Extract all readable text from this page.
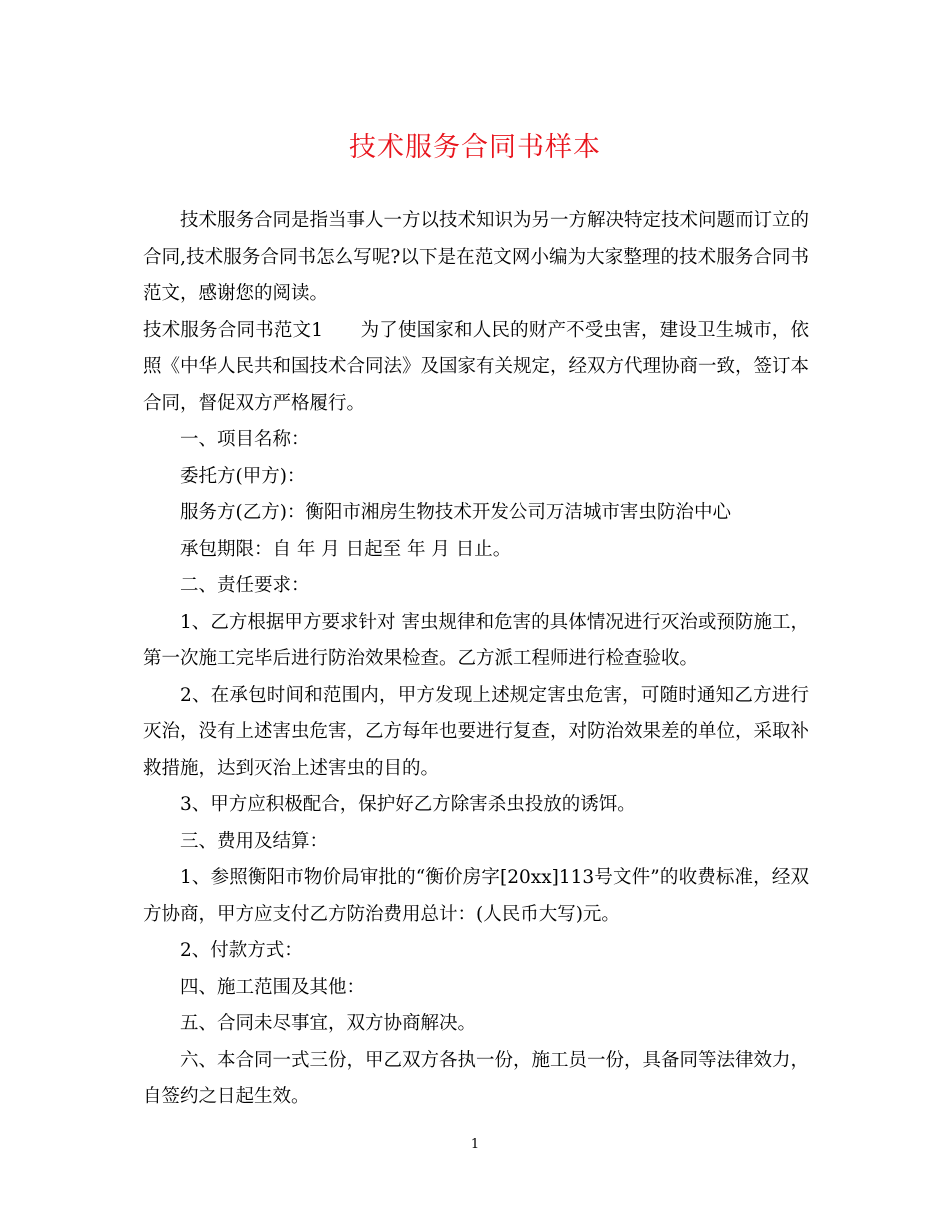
技术服务合同书样本

技术服务合同是指当事人一方以技术知识为另一方解决特定技术问题而订立的合同,技术服务合同书怎么写呢?以下是在范文网小编为大家整理的技术服务合同书范文，感谢您的阅读。

技术服务合同书范文1　　为了使国家和人民的财产不受虫害，建设卫生城市，依照《中华人民共和国技术合同法》及国家有关规定，经双方代理协商一致，签订本合同，督促双方严格履行。

一、项目名称：

委托方(甲方)：

服务方(乙方)：衡阳市湘房生物技术开发公司万洁城市害虫防治中心

承包期限：自 年 月 日起至 年 月 日止。

二、责任要求：

1、乙方根据甲方要求针对 害虫规律和危害的具体情况进行灭治或预防施工，第一次施工完毕后进行防治效果检查。乙方派工程师进行检查验收。

2、在承包时间和范围内，甲方发现上述规定害虫危害，可随时通知乙方进行灭治，没有上述害虫危害，乙方每年也要进行复查，对防治效果差的单位，采取补救措施，达到灭治上述害虫的目的。

3、甲方应积极配合，保护好乙方除害杀虫投放的诱饵。

三、费用及结算：

1、参照衡阳市物价局审批的“衡价房字[20xx]113号文件”的收费标准，经双方协商，甲方应支付乙方防治费用总计：(人民币大写)元。

2、付款方式：

四、施工范围及其他：

五、合同未尽事宜，双方协商解决。

六、本合同一式三份，甲乙双方各执一份，施工员一份，具备同等法律效力，自签约之日起生效。

1
